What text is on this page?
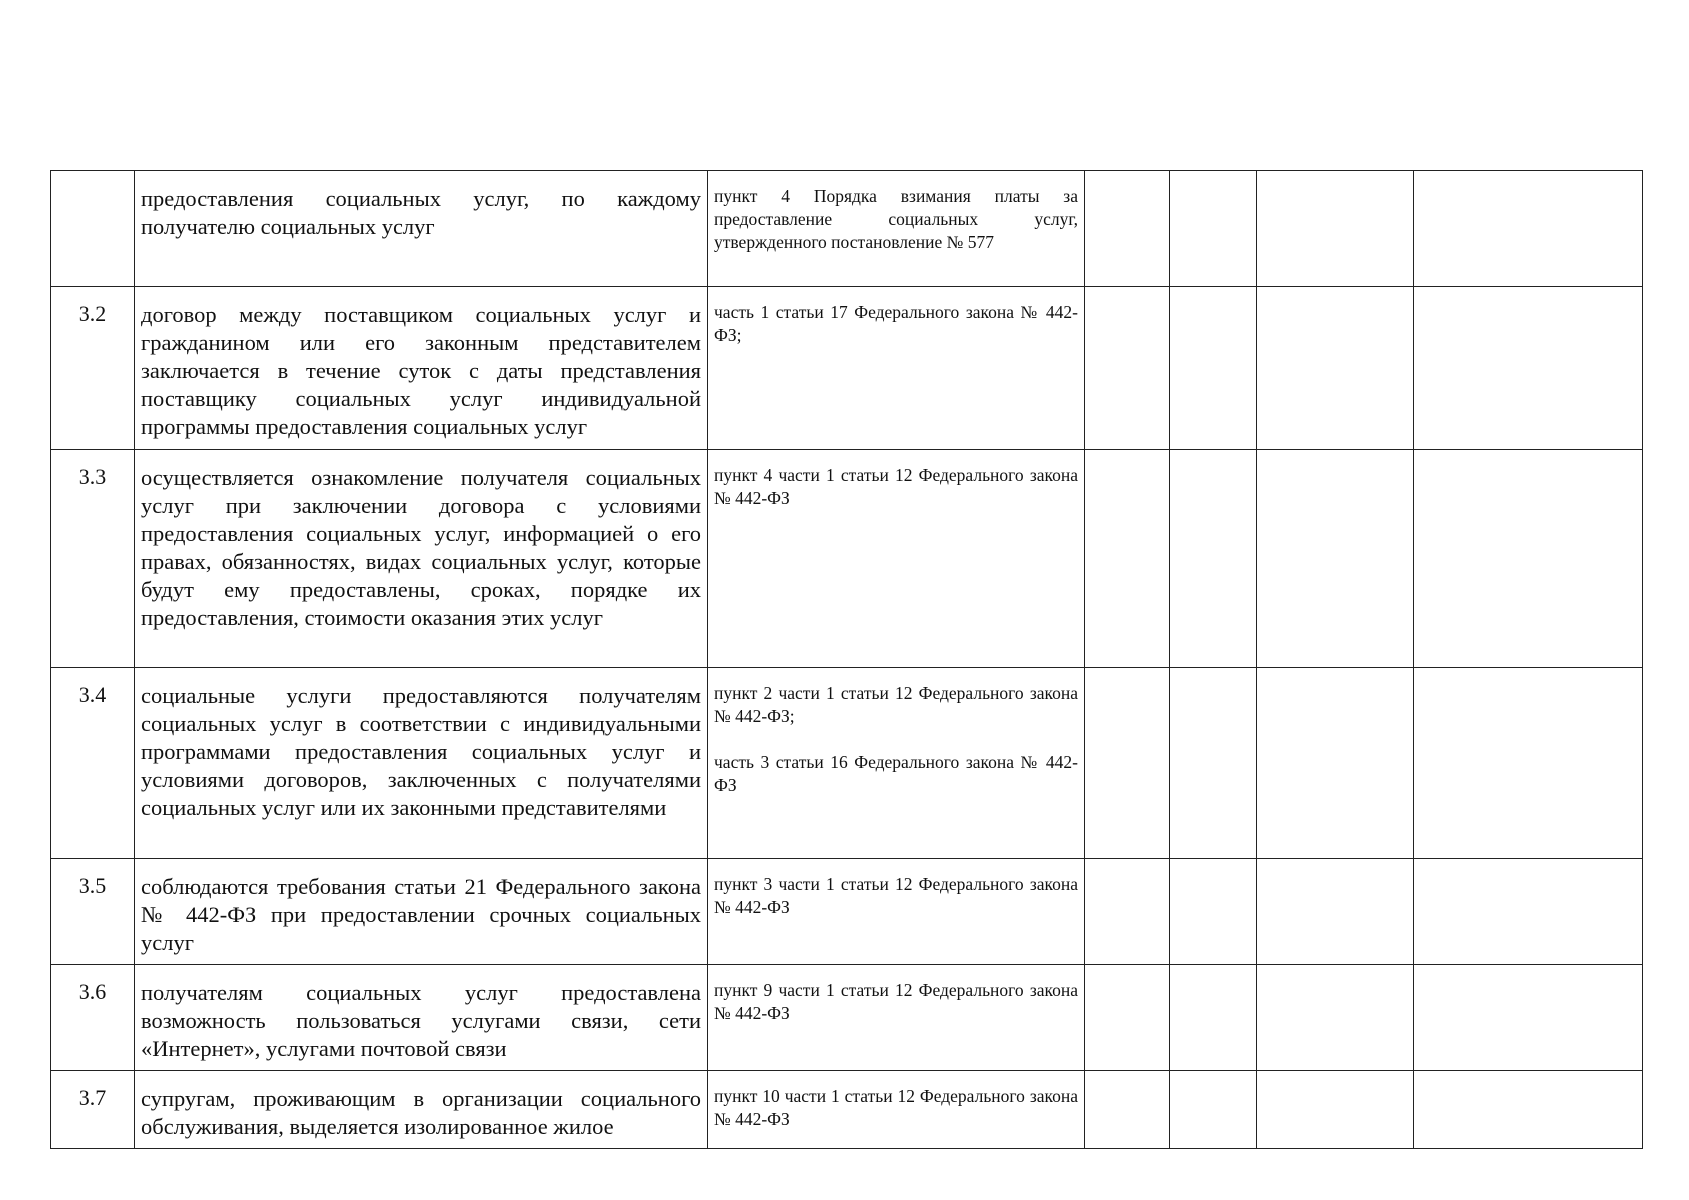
	предоставления социальных услуг, по каждому получателю социальных услуг	пункт 4 Порядка взимания платы за предоставление социальных услуг, утвержденного постановление № 577				

3.2	договор между поставщиком социальных услуг и гражданином или его законным представителем заключается в течение суток с даты представления поставщику социальных услуг индивидуальной программы предоставления социальных услуг	часть 1 статьи 17 Федерального закона № 442-ФЗ;				

3.3	осуществляется ознакомление получателя социальных услуг при заключении договора с условиями предоставления социальных услуг, информацией о его правах, обязанностях, видах социальных услуг, которые будут ему предоставлены, сроках, порядке их предоставления, стоимости оказания этих услуг	пункт 4 части 1 статьи 12 Федерального закона № 442-ФЗ				

3.4	социальные услуги предоставляются получателям социальных услуг в соответствии с индивидуальными программами предоставления социальных услуг и условиями договоров, заключенных с получателями социальных услуг или их законными представителями	пункт 2 части 1 статьи 12 Федерального закона № 442-ФЗ;

часть 3 статьи 16 Федерального закона № 442-ФЗ				

3.5	соблюдаются требования статьи 21 Федерального закона № 442-ФЗ при предоставлении срочных социальных услуг	пункт 3 части 1 статьи 12 Федерального закона № 442-ФЗ				

3.6	получателям социальных услуг предоставлена возможность пользоваться услугами связи, сети «Интернет», услугами почтовой связи	пункт 9 части 1 статьи 12 Федерального закона № 442-ФЗ				

3.7	супругам, проживающим в организации социального обслуживания, выделяется изолированное жилое	пункт 10 части 1 статьи 12 Федерального закона № 442-ФЗ				
